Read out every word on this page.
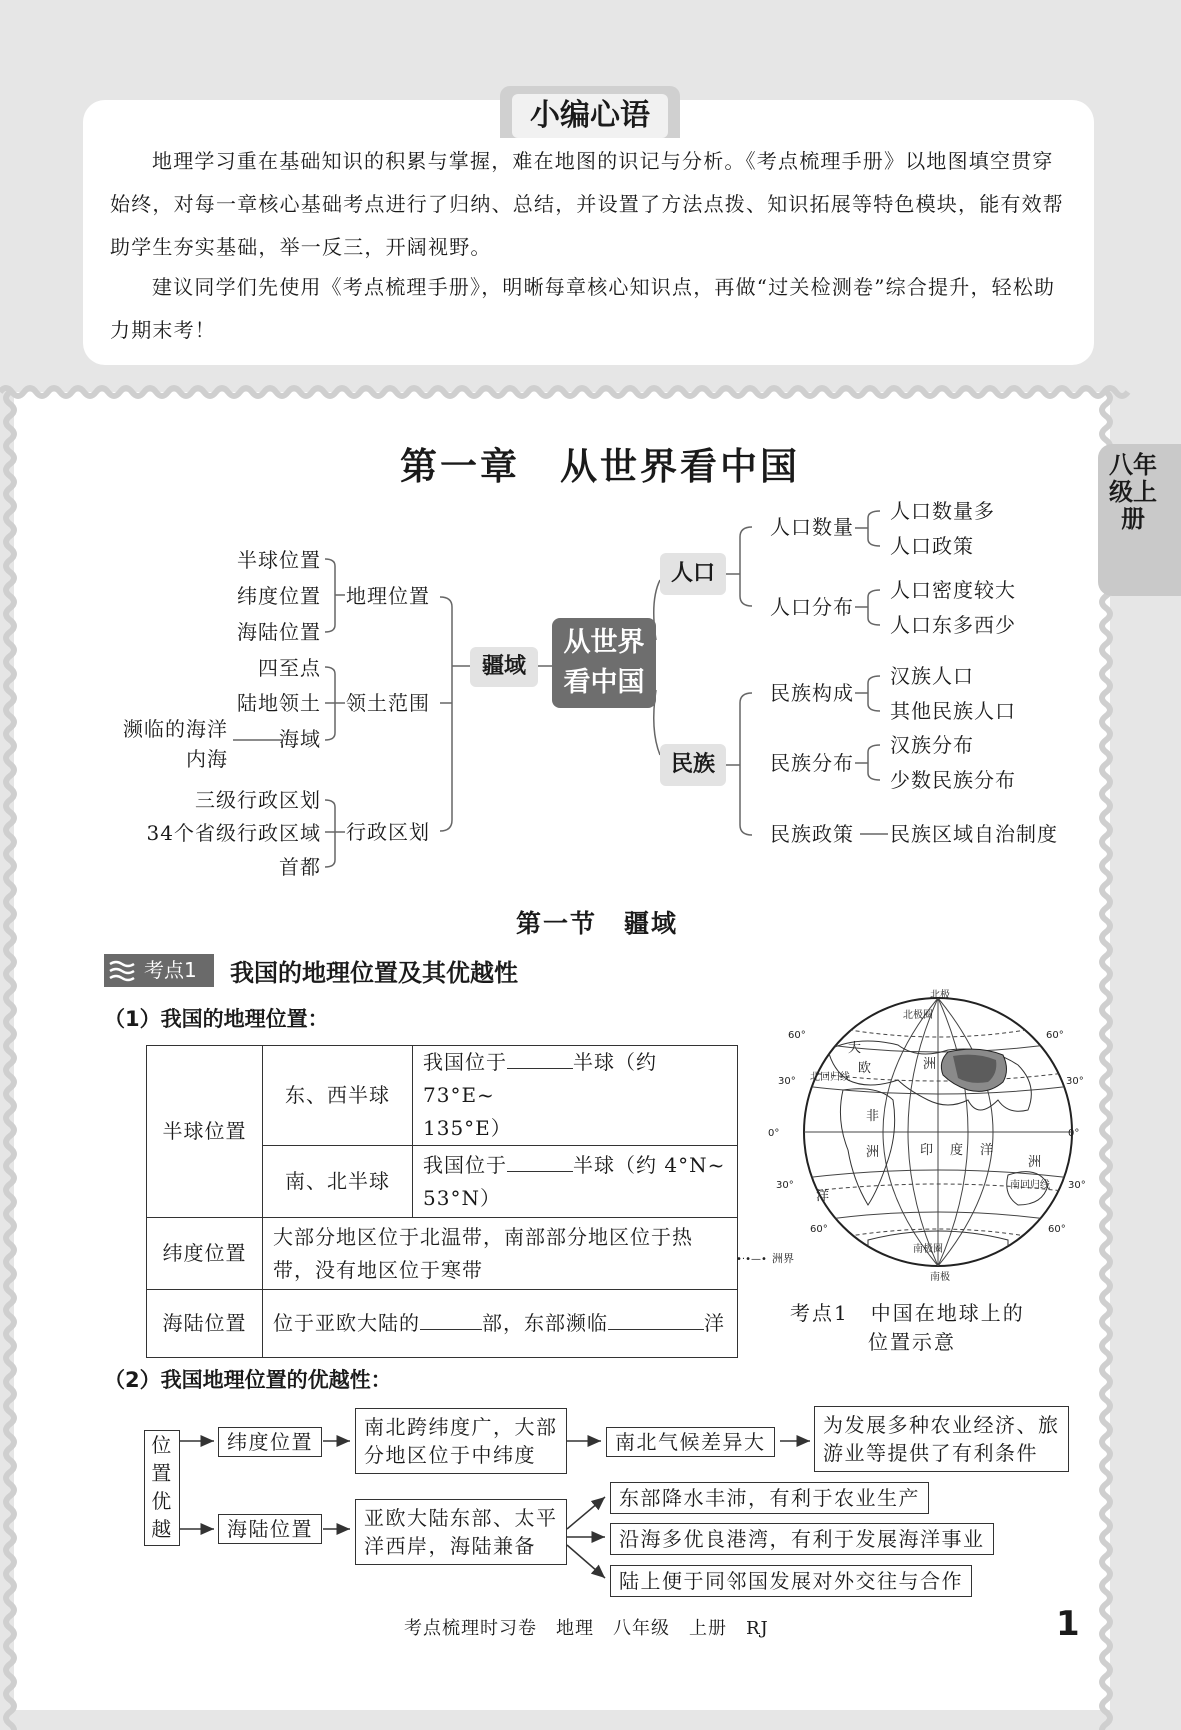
小编心语
地理学习重在基础知识的积累与掌握，难在地图的识记与分析。《考点梳理手册》以地图填空贯穿始终，对每一章核心基础考点进行了归纳、总结，并设置了方法点拨、知识拓展等特色模块，能有效帮助学生夯实基础，举一反三，开阔视野。
建议同学们先使用《考点梳理手册》，明晰每章核心知识点，再做“过关检测卷”综合提升，轻松助力期末考！
八年级上册
第一章　从世界看中国
半球位置
纬度位置
海陆位置
地理位置
四至点
陆地领土
海域
濒临的海洋
内海
领土范围
三级行政区划
34个省级行政区域
首都
行政区划
疆域
从世界
看中国
人口
人口数量
人口数量多
人口政策
人口分布
人口密度较大
人口东多西少
民族
民族构成
汉族人口
其他民族人口
民族分布
汉族分布
少数民族分布
民族政策 民族区域自治制度
第一节　疆域
考点1	我国的地理位置及其优越性
（1）我国的地理位置：
半球位置	东、西半球	我国位于 半球（约 73°E~
135°E）
	南、北半球	我国位于 半球（约 4°N~
53°N）
纬度位置	大部分地区位于北温带，南部部分地区位于热带，没有地区位于寒带	
海陆位置	位于亚欧大陆的 部，东部濒临 洋	
北极
南极
北极圈
南极圈
北回归线
南回归线
60°
30°
0°
30°
60°
60°
30°
0°
30°
60°
大
欧	洲
非
洲	印 度 洋
洋
洲
•·•—• 洲界
考点1　中国在地球上的
位置示意
（2）我国地理位置的优越性：
位
置
优
越
纬度位置
南北跨纬度广，大部
分地区位于中纬度
南北气候差异大
为发展多种农业经济、旅
游业等提供了有利条件
海陆位置	亚欧大陆东部、太平
洋西岸，海陆兼备
东部降水丰沛，有利于农业生产
沿海多优良港湾，有利于发展海洋事业
陆上便于同邻国发展对外交往与合作
考点梳理时习卷　地理　八年级　上册　RJ	1
